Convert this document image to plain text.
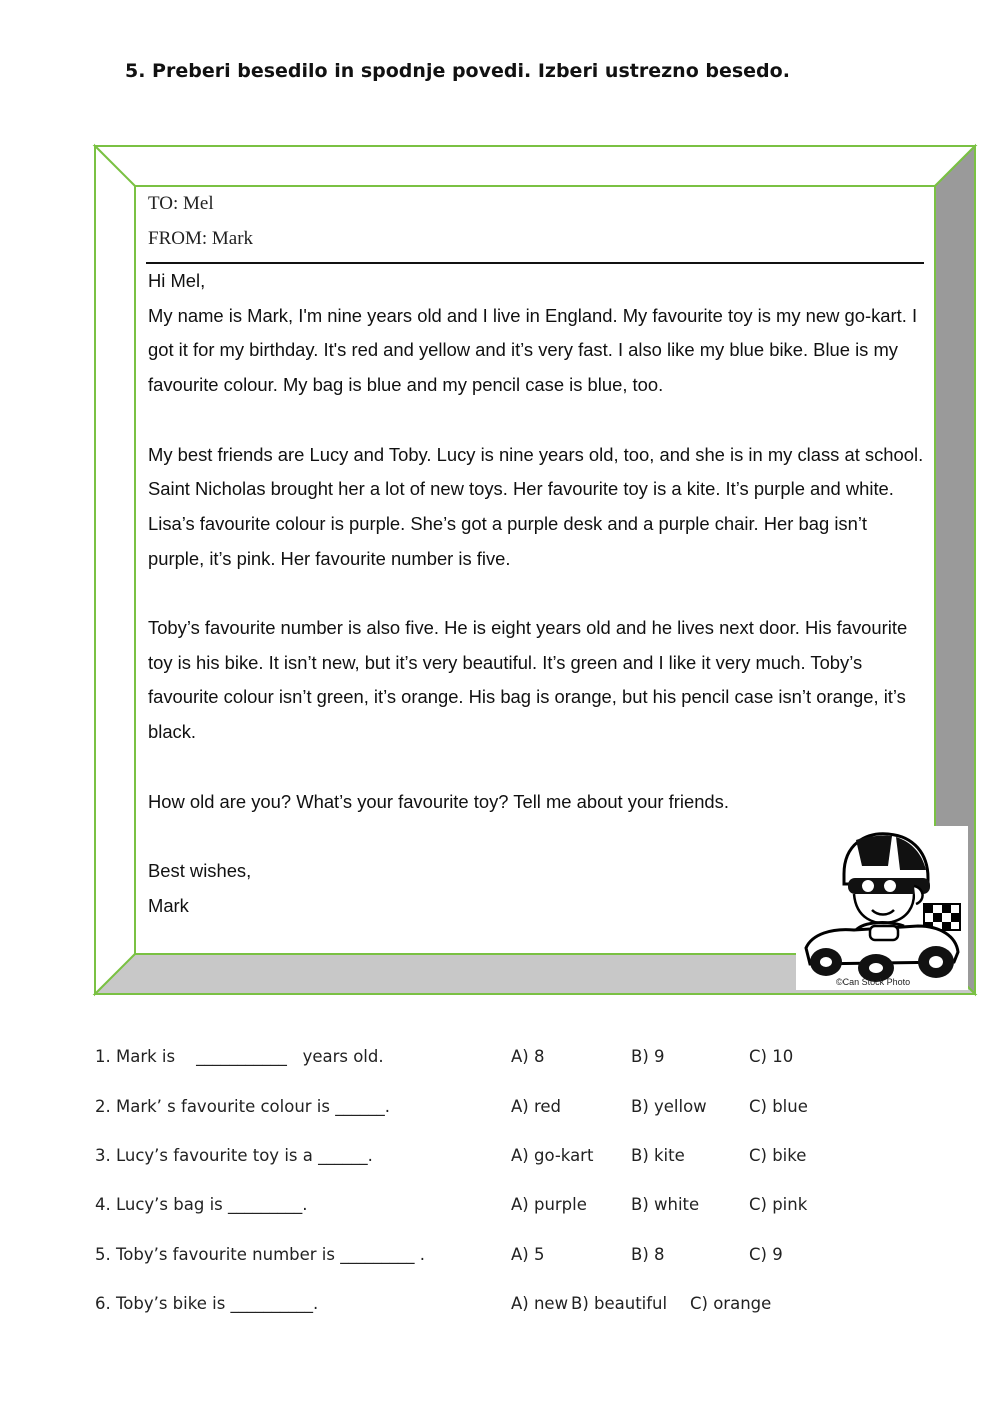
5. Preberi besedilo in spodnje povedi. Izberi ustrezno besedo.
TO: Mel
FROM: Mark

Hi Mel,

My name is Mark, I'm nine years old and I live in England. My favourite toy is my new go-kart. I got it for my birthday. It's red and yellow and it’s very fast. I also like my blue bike. Blue is my favourite colour. My bag is blue and my pencil case is blue, too.

My best friends are Lucy and Toby. Lucy is nine years old, too, and she is in my class at school. Saint Nicholas brought her a lot of new toys. Her favourite toy is a kite. It’s purple and white. Lisa’s favourite colour is purple. She’s got a purple desk and a purple chair. Her bag isn’t purple, it’s pink. Her favourite number is five.

Toby’s favourite number is also five. He is eight years old and he lives next door. His favourite toy is his bike. It isn’t new, but it’s very beautiful. It’s green and I like it very much. Toby’s favourite colour isn’t green, it’s orange. His bag is orange, but his pencil case isn’t orange, it’s black.

How old are you? What’s your favourite toy? Tell me about your friends.

Best wishes,

Mark

©Can Stock Photo
1. Mark is    ___________   years old.	A) 8	B) 9	C) 10
2. Mark’ s favourite colour is ______.	A) red	B) yellow	C) blue
3. Lucy’s favourite toy is a ______.	A) go-kart B) kite	C) bike
4. Lucy’s bag is _________.	A) purple	B) white	C) pink
5. Toby’s favourite number is _________ .	A) 5	B) 8	C) 9
6. Toby’s bike is __________.	A) new B) beautiful C) orange
